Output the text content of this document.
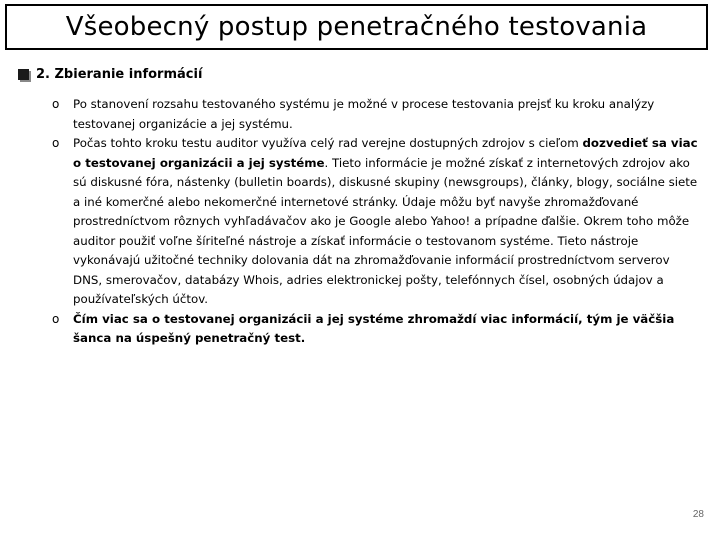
Všeobecný postup penetračného testovania
2. Zbieranie informácií

o Po stanovení rozsahu testovaného systému je možné v procese testovania prejsť ku kroku analýzy testovanej organizácie a jej systému.

o Počas tohto kroku testu auditor využíva celý rad verejne dostupných zdrojov s cieľom dozvedieť sa viac o testovanej organizácii a jej systéme. Tieto informácie je možné získať z internetových zdrojov ako sú diskusné fóra, nástenky (bulletin boards), diskusné skupiny (newsgroups), články, blogy, sociálne siete a iné komerčné alebo nekomerčné internetové stránky. Údaje môžu byť navyše zhromažďované prostredníctvom rôznych vyhľadávačov ako je Google alebo Yahoo! a prípadne ďalšie. Okrem toho môže auditor použiť voľne šíriteľné nástroje a získať informácie o testovanom systéme. Tieto nástroje vykonávajú užitočné techniky dolovania dát na zhromažďovanie informácií prostredníctvom serverov DNS, smerovačov, databázy Whois, adries elektronickej pošty, telefónnych čísel, osobných údajov a používateľských účtov.

o Čím viac sa o testovanej organizácii a jej systéme zhromaždí viac informácií, tým je väčšia šanca na úspešný penetračný test.

28
